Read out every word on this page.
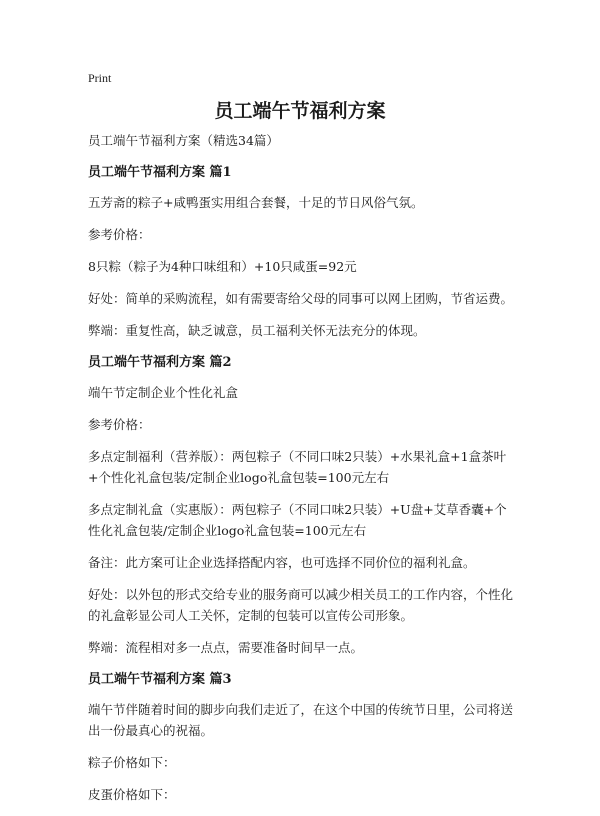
Print
员工端午节福利方案

员工端午节福利方案（精选34篇）

员工端午节福利方案 篇1

五芳斋的粽子+咸鸭蛋实用组合套餐，十足的节日风俗气氛。

参考价格：

8只粽（粽子为4种口味组和）+10只咸蛋=92元

好处：简单的采购流程，如有需要寄给父母的同事可以网上团购，节省运费。

弊端：重复性高，缺乏诚意，员工福利关怀无法充分的体现。

员工端午节福利方案 篇2

端午节定制企业个性化礼盒

参考价格：

多点定制福利（营养版）：两包粽子（不同口味2只装）+水果礼盒+1盒茶叶+个性化礼盒包装/定制企业logo礼盒包装=100元左右

多点定制礼盒（实惠版）：两包粽子（不同口味2只装）+U盘+艾草香囊+个性化礼盒包装/定制企业logo礼盒包装=100元左右

备注：此方案可让企业选择搭配内容，也可选择不同价位的福利礼盒。

好处：以外包的形式交给专业的服务商可以减少相关员工的工作内容，个性化的礼盒彰显公司人工关怀，定制的包装可以宣传公司形象。

弊端：流程相对多一点点，需要准备时间早一点。

员工端午节福利方案 篇3

端午节伴随着时间的脚步向我们走近了，在这个中国的传统节日里，公司将送出一份最真心的祝福。

粽子价格如下：

皮蛋价格如下：
